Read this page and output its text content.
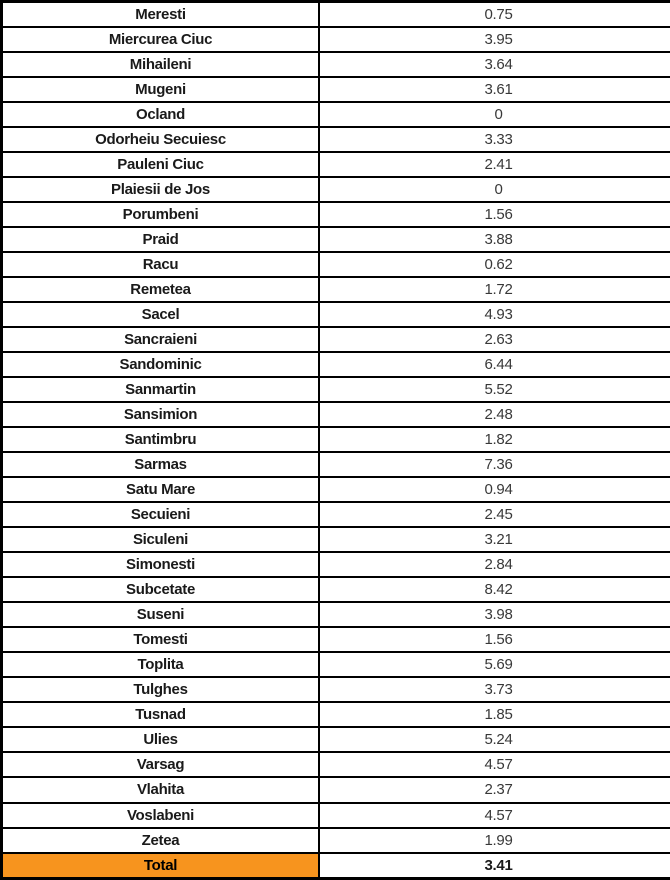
Meresti	0.75
Miercurea Ciuc	3.95
Mihaileni	3.64
Mugeni	3.61
Ocland	0
Odorheiu Secuiesc	3.33
Pauleni Ciuc	2.41
Plaiesii de Jos	0
Porumbeni	1.56
Praid	3.88
Racu	0.62
Remetea	1.72
Sacel	4.93
Sancraieni	2.63
Sandominic	6.44
Sanmartin	5.52
Sansimion	2.48
Santimbru	1.82
Sarmas	7.36
Satu Mare	0.94
Secuieni	2.45
Siculeni	3.21
Simonesti	2.84
Subcetate	8.42
Suseni	3.98
Tomesti	1.56
Toplita	5.69
Tulghes	3.73
Tusnad	1.85
Ulies	5.24
Varsag	4.57
Vlahita	2.37
Voslabeni	4.57
Zetea	1.99
Total	3.41
